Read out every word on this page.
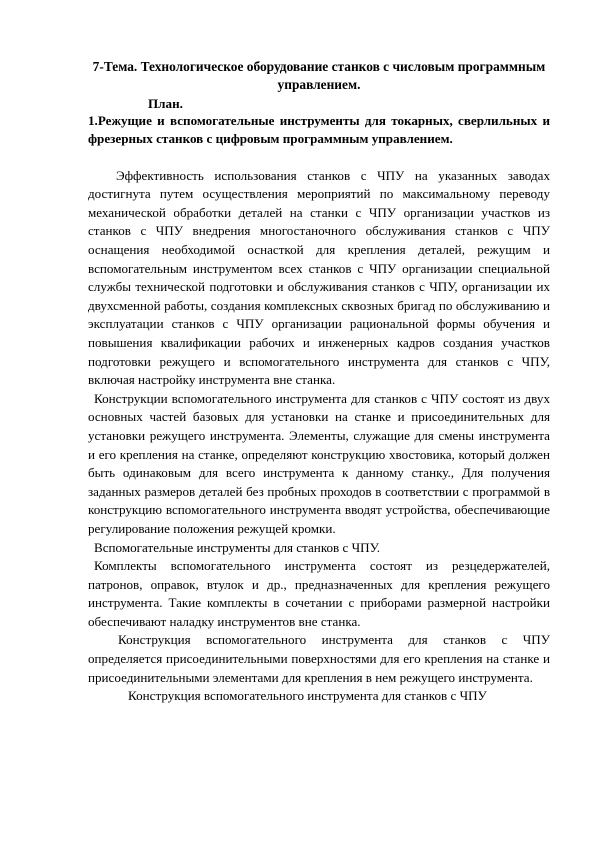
7-Тема. Технологическое оборудование станков с числовым программным управлением.

План.

1.Режущие и вспомогательные инструменты для токарных, сверлильных и фрезерных станков с цифровым программным управлением.

Эффективность использования станков с ЧПУ на указанных заводах достигнута путем осуществления мероприятий по максимальному переводу механической обработки деталей на станки с ЧПУ организации участков из станков с ЧПУ внедрения многостаночного обслуживания станков с ЧПУ оснащения необходимой оснасткой для крепления деталей, режущим и вспомогательным инструментом всех станков с ЧПУ организации специальной службы технической подготовки и обслуживания станков с ЧПУ, организации их двухсменной работы, создания комплексных сквозных бригад по обслуживанию и эксплуатации станков с ЧПУ организации рациональной формы обучения и повышения квалификации рабочих и инженерных кадров создания участков подготовки режущего и вспомогательного инструмента для станков с ЧПУ, включая настройку инструмента вне станка.

Конструкции вспомогательного инструмента для станков с ЧПУ состоят из двух основных частей базовых для установки на станке и присоединительных для установки режущего инструмента. Элементы, служащие для смены инструмента и его крепления на станке, определяют конструкцию хвостовика, который должен быть одинаковым для всего инструмента к данному станку., Для получения заданных размеров деталей без пробных проходов в соответствии с программой в конструкцию вспомогательного инструмента вводят устройства, обеспечивающие регулирование положения режущей кромки.

Вспомогательные инструменты для станков с ЧПУ.

Комплекты вспомогательного инструмента состоят из резцедержателей, патронов, оправок, втулок и др., предназначенных для крепления режущего инструмента. Такие комплекты в сочетании с приборами размерной настройки обеспечивают наладку инструментов вне станка.

Конструкция вспомогательного инструмента для станков с ЧПУ определяется присоединительными поверхностями для его крепления на станке и присоединительными элементами для крепления в нем режущего инструмента.

Конструкция вспомогательного инструмента для станков с ЧПУ
